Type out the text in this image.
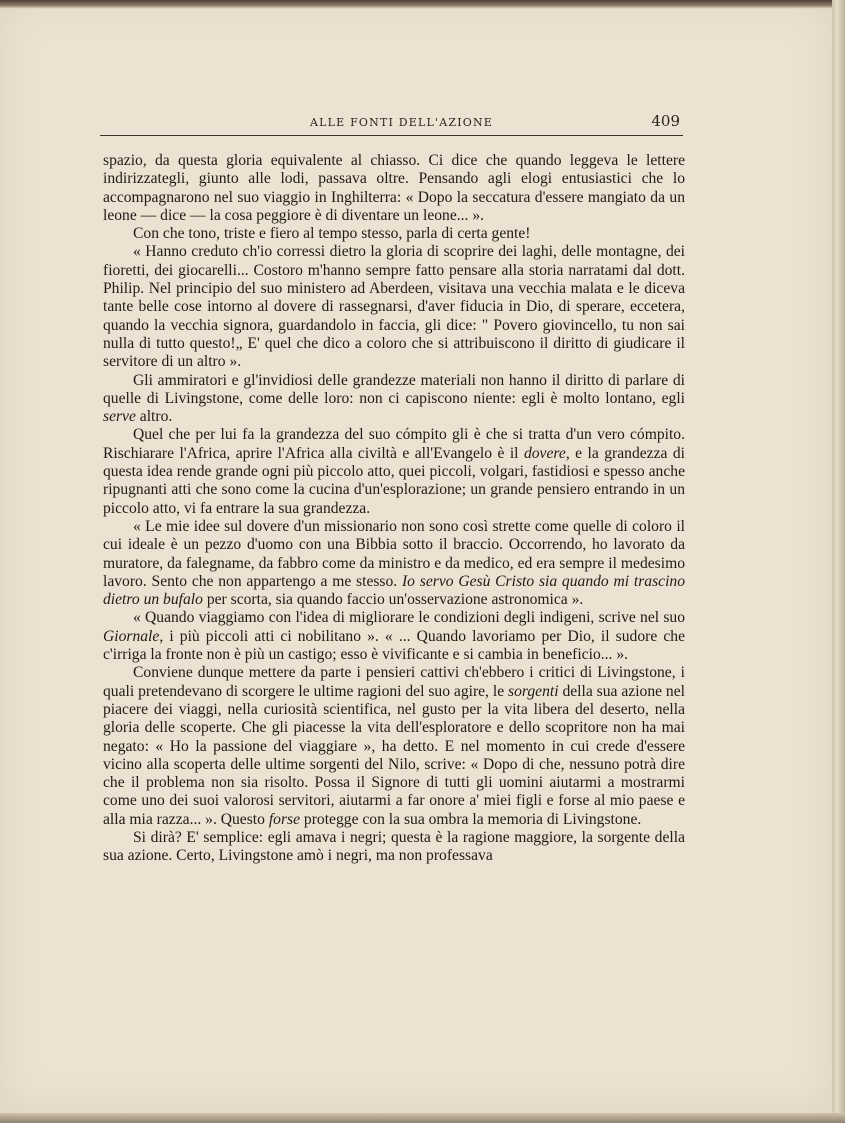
ALLE FONTI DELL'AZIONE	409

spazio, da questa gloria equivalente al chiasso. Ci dice che quando leggeva le lettere indirizzategli, giunto alle lodi, passava oltre. Pensando agli elogi entusiastici che lo accompagnarono nel suo viaggio in Inghilterra: « Dopo la seccatura d'essere mangiato da un leone — dice — la cosa peggiore è di diventare un leone... ».

Con che tono, triste e fiero al tempo stesso, parla di certa gente!

« Hanno creduto ch'io corressi dietro la gloria di scoprire dei laghi, delle montagne, dei fioretti, dei giocarelli... Costoro m'hanno sempre fatto pensare alla storia narratami dal dott. Philip. Nel principio del suo ministero ad Aberdeen, visitava una vecchia malata e le diceva tante belle cose intorno al dovere di rassegnarsi, d'aver fiducia in Dio, di sperare, eccetera, quando la vecchia signora, guardandolo in faccia, gli dice: " Povero giovincello, tu non sai nulla di tutto questo!„ E' quel che dico a coloro che si attribuiscono il diritto di giudicare il servitore di un altro ».

Gli ammiratori e gl'invidiosi delle grandezze materiali non hanno il diritto di parlare di quelle di Livingstone, come delle loro: non ci capiscono niente: egli è molto lontano, egli serve altro.

Quel che per lui fa la grandezza del suo cómpito gli è che si tratta d'un vero cómpito. Rischiarare l'Africa, aprire l'Africa alla civiltà e all'Evangelo è il dovere, e la grandezza di questa idea rende grande ogni più piccolo atto, quei piccoli, volgari, fastidiosi e spesso anche ripugnanti atti che sono come la cucina d'un'esplorazione; un grande pensiero entrando in un piccolo atto, vi fa entrare la sua grandezza.

« Le mie idee sul dovere d'un missionario non sono così strette come quelle di coloro il cui ideale è un pezzo d'uomo con una Bibbia sotto il braccio. Occorrendo, ho lavorato da muratore, da falegname, da fabbro come da ministro e da medico, ed era sempre il medesimo lavoro. Sento che non appartengo a me stesso. Io servo Gesù Cristo sia quando mi trascino dietro un bufalo per scorta, sia quando faccio un'osservazione astronomica ».

« Quando viaggiamo con l'idea di migliorare le condizioni degli indigeni, scrive nel suo Giornale, i più piccoli atti ci nobilitano ». « ... Quando lavoriamo per Dio, il sudore che c'irriga la fronte non è più un castigo; esso è vivificante e si cambia in beneficio... ».

Conviene dunque mettere da parte i pensieri cattivi ch'ebbero i critici di Livingstone, i quali pretendevano di scorgere le ultime ragioni del suo agire, le sorgenti della sua azione nel piacere dei viaggi, nella curiosità scientifica, nel gusto per la vita libera del deserto, nella gloria delle scoperte. Che gli piacesse la vita dell'esploratore e dello scopritore non ha mai negato: « Ho la passione del viaggiare », ha detto. E nel momento in cui crede d'essere vicino alla scoperta delle ultime sorgenti del Nilo, scrive: « Dopo di che, nessuno potrà dire che il problema non sia risolto. Possa il Signore di tutti gli uomini aiutarmi a mostrarmi come uno dei suoi valorosi servitori, aiutarmi a far onore a' miei figli e forse al mio paese e alla mia razza... ». Questo forse protegge con la sua ombra la memoria di Livingstone.

Si dirà? E' semplice: egli amava i negri; questa è la ragione maggiore, la sorgente della sua azione. Certo, Livingstone amò i negri, ma non professava
